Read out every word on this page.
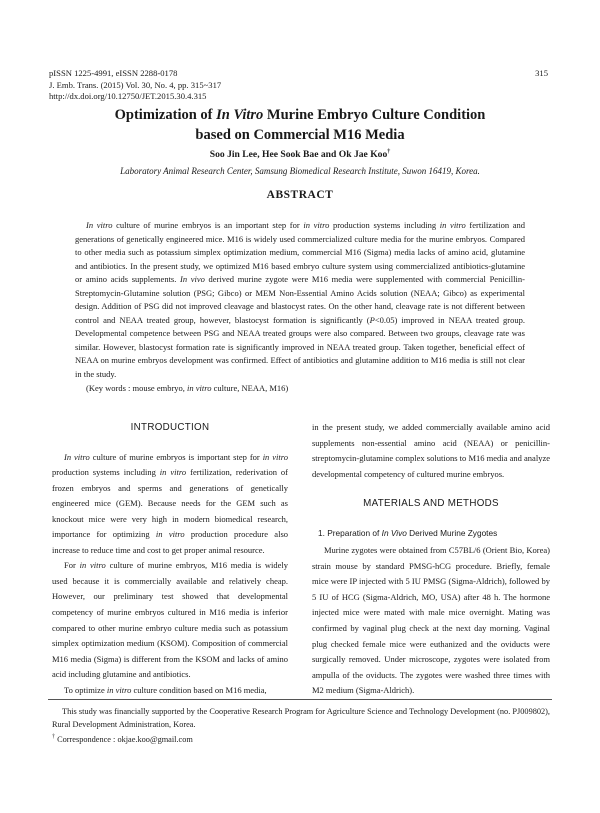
pISSN 1225-4991, eISSN 2288-0178
J. Emb. Trans. (2015) Vol. 30, No. 4, pp. 315~317
http://dx.doi.org/10.12750/JET.2015.30.4.315
315
Optimization of In Vitro Murine Embryo Culture Condition
based on Commercial M16 Media
Soo Jin Lee, Hee Sook Bae and Ok Jae Koo†
Laboratory Animal Research Center, Samsung Biomedical Research Institute, Suwon 16419, Korea.
ABSTRACT

In vitro culture of murine embryos is an important step for in vitro production systems including in vitro fertilization and generations of genetically engineered mice. M16 is widely used commercialized culture media for the murine embryos. Compared to other media such as potassium simplex optimization medium, commercial M16 (Sigma) media lacks of amino acid, glutamine and antibiotics. In the present study, we optimized M16 based embryo culture system using commercialized antibiotics-glutamine or amino acids supplements. In vivo derived murine zygote were M16 media were supplemented with commercial Penicillin-Streptomycin-Glutamine solution (PSG; Gibco) or MEM Non-Essential Amino Acids solution (NEAA; Gibco) as experimental design. Addition of PSG did not improved cleavage and blastocyst rates. On the other hand, cleavage rate is not different between control and NEAA treated group, however, blastocyst formation is significantly (P<0.05) improved in NEAA treated group. Developmental competence between PSG and NEAA treated groups were also compared. Between two groups, cleavage rate was similar. However, blastocyst formation rate is significantly improved in NEAA treated group. Taken together, beneficial effect of NEAA on murine embryos development was confirmed. Effect of antibiotics and glutamine addition to M16 media is still not clear in the study.

(Key words : mouse embryo, in vitro culture, NEAA, M16)

INTRODUCTION

In vitro culture of murine embryos is important step for in vitro production systems including in vitro fertilization, rederivation of frozen embryos and sperms and generations of genetically engineered mice (GEM). Because needs for the GEM such as knockout mice were very high in modern biomedical research, importance for optimizing in vitro production procedure also increase to reduce time and cost to get proper animal resource.

For in vitro culture of murine embryos, M16 media is widely used because it is commercially available and relatively cheap. However, our preliminary test showed that developmental competency of murine embryos cultured in M16 media is inferior compared to other murine embryo culture media such as potassium simplex optimization medium (KSOM). Composition of commercial M16 media (Sigma) is different from the KSOM and lacks of amino acid including glutamine and antibiotics.

To optimize in vitro culture condition based on M16 media,

in the present study, we added commercially available amino acid supplements non-essential amino acid (NEAA) or penicillin-streptomycin-glutamine complex solutions to M16 media and analyze developmental competency of cultured murine embryos.

MATERIALS AND METHODS

1. Preparation of In Vivo Derived Murine Zygotes

Murine zygotes were obtained from C57BL/6 (Orient Bio, Korea) strain mouse by standard PMSG-hCG procedure. Briefly, female mice were IP injected with 5 IU PMSG (Sigma-Aldrich), followed by 5 IU of HCG (Sigma-Aldrich, MO, USA) after 48 h. The hormone injected mice were mated with male mice overnight. Mating was confirmed by vaginal plug check at the next day morning. Vaginal plug checked female mice were euthanized and the oviducts were surgically removed. Under microscope, zygotes were isolated from ampulla of the oviducts. The zygotes were washed three times with M2 medium (Sigma-Aldrich).

This study was financially supported by the Cooperative Research Program for Agriculture Science and Technology Development (no. PJ009802), Rural Development Administration, Korea.

† Correspondence : okjae.koo@gmail.com
